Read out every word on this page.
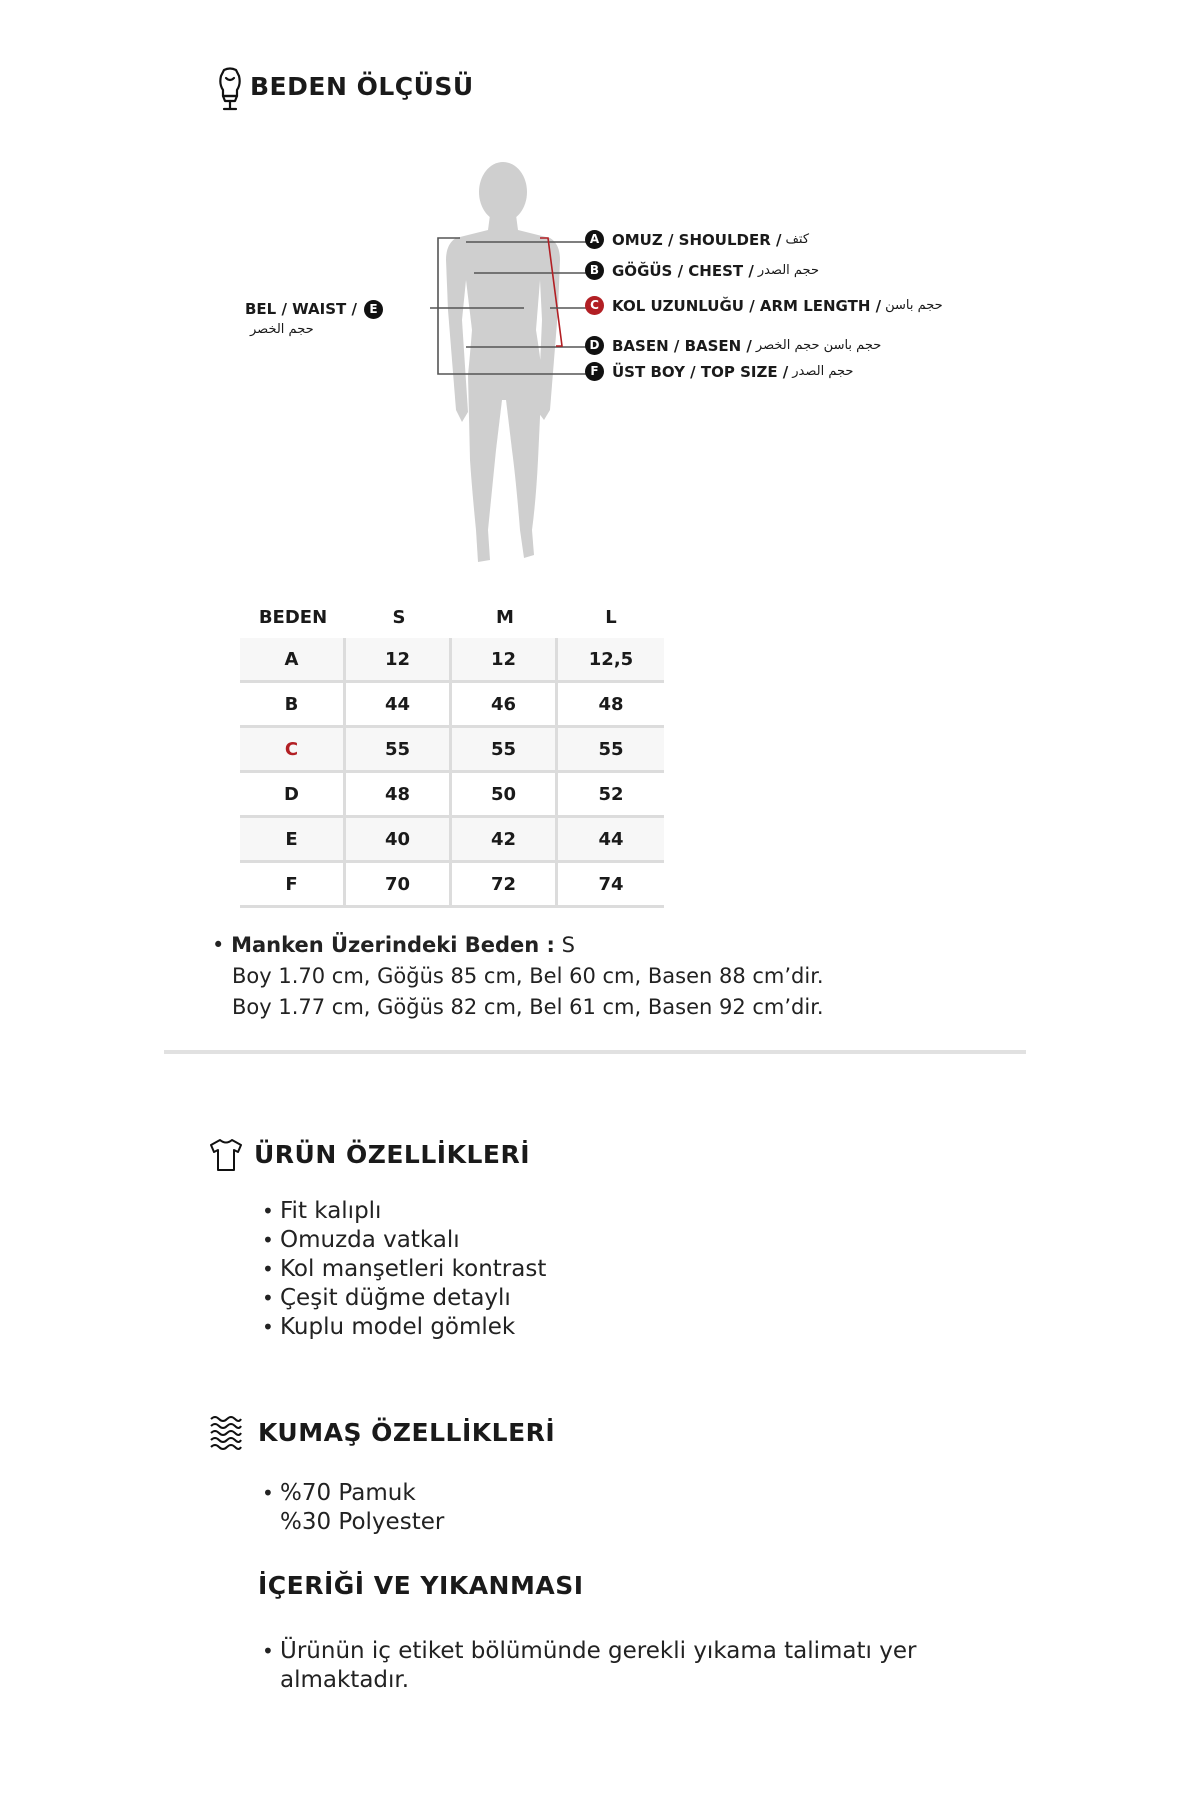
BEDEN ÖLÇÜSÜ
A OMUZ / SHOULDER / كتف
B GÖĞÜS / CHEST / حجم الصدر
C KOL UZUNLUĞU / ARM LENGTH / حجم باسن
D BASEN / BASEN / حجم باسن حجم الخصر
F ÜST BOY / TOP SIZE / حجم الصدر
BEL / WAIST /
حجم الخصر
E
BEDEN	S	M	L
A	12	12	12,5
B	44	46	48
C	55	55	55
D	48	50	52
E	40	42	44
F	70	72	74
• Manken Üzerindeki Beden : S
Boy 1.70 cm, Göğüs 85 cm, Bel 60 cm, Basen 88 cm’dir.
Boy 1.77 cm, Göğüs 82 cm, Bel 61 cm, Basen 92 cm’dir.
ÜRÜN ÖZELLİKLERİ
• Fit kalıplı
• Omuzda vatkalı
• Kol manşetleri kontrast
• Çeşit düğme detaylı
• Kuplu model gömlek
KUMAŞ ÖZELLİKLERİ
• %70 Pamuk
%30 Polyester
İÇERİĞİ VE YIKANMASI
• Ürünün iç etiket bölümünde gerekli yıkama talimatı yer
almaktadır.
